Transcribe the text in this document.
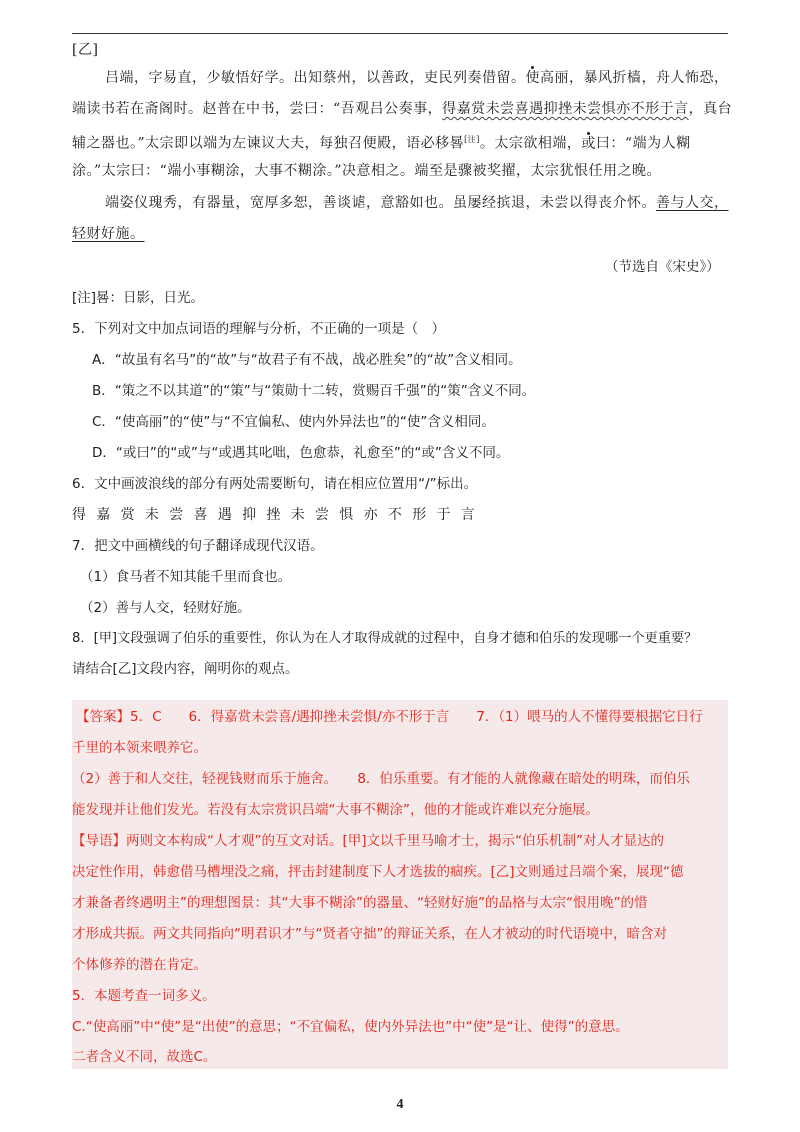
[乙]
吕端，字易直，少敏悟好学。出知蔡州，以善政，吏民列奏借留。使高丽，暴风折樯，舟人怖恐，
端读书若在斋阁时。赵普在中书，尝曰：“吾观吕公奏事，得嘉赏未尝喜遇抑挫未尝惧亦不形于言，真台
辅之器也。”太宗即以端为左谏议大夫，每独召便殿，语必移晷[注]。太宗欲相端，或曰：“端为人糊
涂。”太宗曰：“端小事糊涂，大事不糊涂。”决意相之。端至是骤被奖擢，太宗犹恨任用之晚。
端姿仪瑰秀，有器量，宽厚多恕，善谈谑，意豁如也。虽屡经摈退，未尝以得丧介怀。善与人交，
轻财好施。
（节选自《宋史》）
[注]晷：日影，日光。
5．下列对文中加点词语的理解与分析，不正确的一项是（　）
A．“故虽有名马”的“故”与“故君子有不战，战必胜矣”的“故”含义相同。
B．“策之不以其道”的“策”与“策勋十二转，赏赐百千强”的“策”含义不同。
C．“使高丽”的“使”与“不宜偏私、使内外异法也”的“使”含义相同。
D．“或曰”的“或”与“或遇其叱咄，色愈恭，礼愈至”的“或”含义不同。
6．文中画波浪线的部分有两处需要断句，请在相应位置用“/”标出。
得嘉赏未尝喜遇抑挫未尝惧亦不形于言
7．把文中画横线的句子翻译成现代汉语。
（1）食马者不知其能千里而食也。
（2）善与人交，轻财好施。
8．[甲]文段强调了伯乐的重要性，你认为在人才取得成就的过程中，自身才德和伯乐的发现哪一个更重要？
请结合[乙]文段内容，阐明你的观点。
【答案】5．C　　6．得嘉赏未尝喜/遇抑挫未尝惧/亦不形于言　　7．（1）喂马的人不懂得要根据它日行
千里的本领来喂养它。
（2）善于和人交往，轻视钱财而乐于施舍。　　8．伯乐重要。有才能的人就像藏在暗处的明珠，而伯乐
能发现并让他们发光。若没有太宗赏识吕端“大事不糊涂”，他的才能或许难以充分施展。
【导语】两则文本构成“人才观”的互文对话。[甲]文以千里马喻才士，揭示“伯乐机制”对人才显达的
决定性作用，韩愈借马槽埋没之痛，抨击封建制度下人才选拔的痼疾。[乙]文则通过吕端个案，展现“德
才兼备者终遇明主”的理想图景：其“大事不糊涂”的器量、“轻财好施”的品格与太宗“恨用晚”的惜
才形成共振。两文共同指向“明君识才”与“贤者守拙”的辩证关系，在人才被动的时代语境中，暗含对
个体修养的潜在肯定。
5．本题考查一词多义。
C.“使高丽”中“使”是“出使”的意思；“不宜偏私，使内外异法也”中“使”是“让、使得”的意思。
二者含义不同，故选C。
4
